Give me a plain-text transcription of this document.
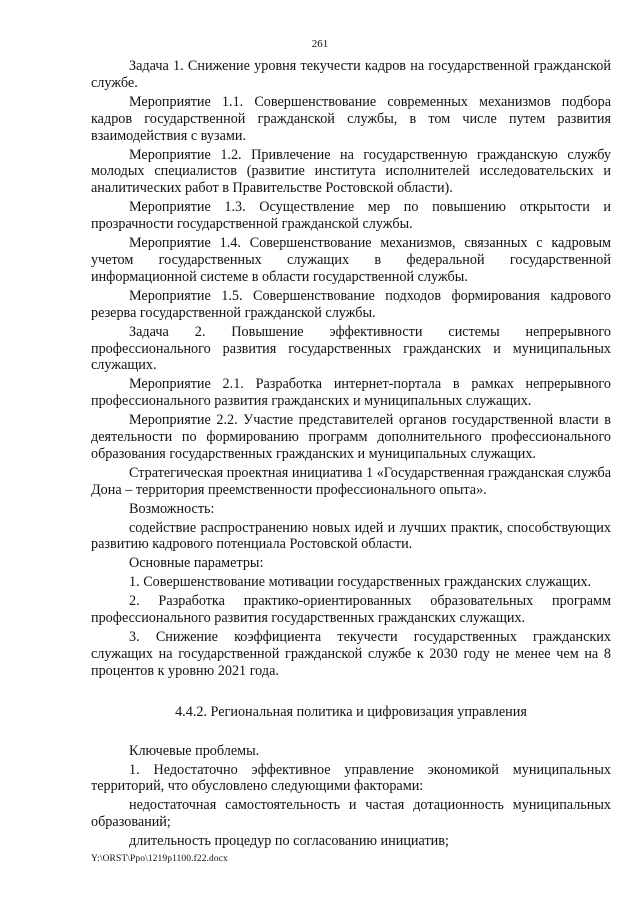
261

Задача 1. Снижение уровня текучести кадров на государственной гражданской службе.

Мероприятие 1.1. Совершенствование современных механизмов подбора кадров государственной гражданской службы, в том числе путем развития взаимодействия с вузами.

Мероприятие 1.2. Привлечение на государственную гражданскую службу молодых специалистов (развитие института исполнителей исследовательских и аналитических работ в Правительстве Ростовской области).

Мероприятие 1.3. Осуществление мер по повышению открытости и прозрачности государственной гражданской службы.

Мероприятие 1.4. Совершенствование механизмов, связанных с кадровым учетом государственных служащих в федеральной государственной информационной системе в области государственной службы.

Мероприятие 1.5. Совершенствование подходов формирования кадрового резерва государственной гражданской службы.

Задача 2. Повышение эффективности системы непрерывного профессионального развития государственных гражданских и муниципальных служащих.

Мероприятие 2.1. Разработка интернет-портала в рамках непрерывного профессионального развития гражданских и муниципальных служащих.

Мероприятие 2.2. Участие представителей органов государственной власти в деятельности по формированию программ дополнительного профессионального образования государственных гражданских и муниципальных служащих.

Стратегическая проектная инициатива 1 «Государственная гражданская служба Дона – территория преемственности профессионального опыта».

Возможность:

содействие распространению новых идей и лучших практик, способствующих развитию кадрового потенциала Ростовской области.

Основные параметры:

1. Совершенствование мотивации государственных гражданских служащих.

2. Разработка практико-ориентированных образовательных программ профессионального развития государственных гражданских служащих.

3. Снижение коэффициента текучести государственных гражданских служащих на государственной гражданской службе к 2030 году не менее чем на 8 процентов к уровню 2021 года.

4.4.2. Региональная политика и цифровизация управления

Ключевые проблемы.

1. Недостаточно эффективное управление экономикой муниципальных территорий, что обусловлено следующими факторами:

недостаточная самостоятельность и частая дотационность муниципальных образований;

длительность процедур по согласованию инициатив;

Y:\ORST\Ppo\1219p1100.f22.docx
